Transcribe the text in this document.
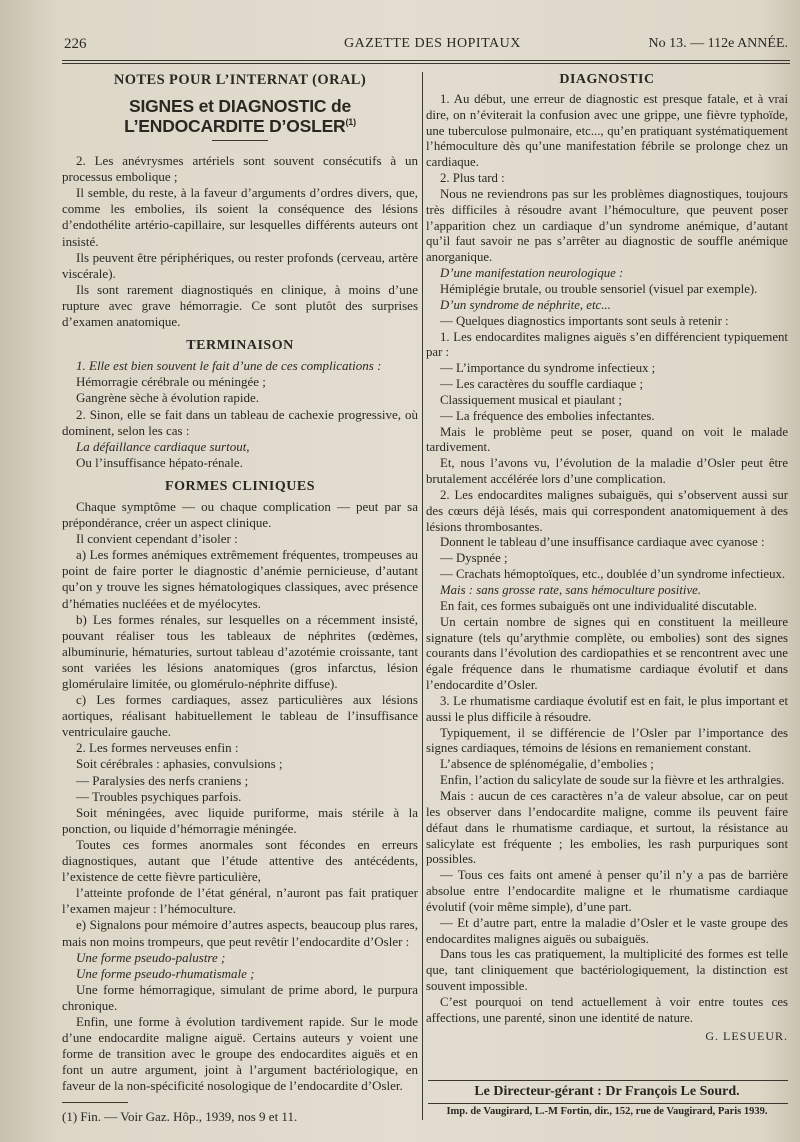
226	GAZETTE DES HOPITAUX	No 13. — 112e ANNÉE.
NOTES POUR L’INTERNAT (ORAL)
SIGNES et DIAGNOSTIC de L’ENDOCARDITE D’OSLER$^{(1)}$

2. Les anévrysmes artériels sont souvent consécutifs à un processus embolique ;

Il semble, du reste, à la faveur d’arguments d’ordres divers, que, comme les embolies, ils soient la conséquence des lésions d’endothélite artério-capillaire, sur lesquelles différents auteurs ont insisté.

Ils peuvent être périphériques, ou rester profonds (cerveau, artère viscérale).

Ils sont rarement diagnostiqués en clinique, à moins d’une rupture avec grave hémorragie. Ce sont plutôt des surprises d’examen anatomique.

TERMINAISON

1. Elle est bien souvent le fait d’une de ces complications :

Hémorragie cérébrale ou méningée ;

Gangrène sèche à évolution rapide.

2. Sinon, elle se fait dans un tableau de cachexie progressive, où dominent, selon les cas :

La défaillance cardiaque surtout,

Ou l’insuffisance hépato-rénale.

FORMES CLINIQUES

Chaque symptôme — ou chaque complication — peut par sa prépondérance, créer un aspect clinique.

Il convient cependant d’isoler :

a) Les formes anémiques extrêmement fréquentes, trompeuses au point de faire porter le diagnostic d’anémie pernicieuse, d’autant qu’on y trouve les signes hématologiques classiques, avec présence d’hématies nucléées et de myélocytes.

b) Les formes rénales, sur lesquelles on a récemment insisté, pouvant réaliser tous les tableaux de néphrites (œdèmes, albuminurie, hématuries, surtout tableau d’azotémie croissante, tant sont variées les lésions anatomiques (gros infarctus, lésion glomérulaire limitée, ou glomérulo-néphrite diffuse).

c) Les formes cardiaques, assez particulières aux lésions aortiques, réalisant habituellement le tableau de l’insuffisance ventriculaire gauche.

2. Les formes nerveuses enfin :

Soit cérébrales : aphasies, convulsions ;

— Paralysies des nerfs craniens ;

— Troubles psychiques parfois.

Soit méningées, avec liquide puriforme, mais stérile à la ponction, ou liquide d’hémorragie méningée.

Toutes ces formes anormales sont fécondes en erreurs diagnostiques, autant que l’étude attentive des antécédents, l’existence de cette fièvre particulière,

l’atteinte profonde de l’état général, n’auront pas fait pratiquer l’examen majeur : l’hémoculture.

e) Signalons pour mémoire d’autres aspects, beaucoup plus rares, mais non moins trompeurs, que peut revêtir l’endocardite d’Osler :

Une forme pseudo-palustre ;

Une forme pseudo-rhumatismale ;

Une forme hémorragique, simulant de prime abord, le purpura chronique.

Enfin, une forme à évolution tardivement rapide. Sur le mode d’une endocardite maligne aiguë. Certains auteurs y voient une forme de transition avec le groupe des endocardites aiguës et en font un autre argument, joint à l’argument bactériologique, en faveur de la non-spécificité nosologique de l’endocardite d’Osler.

(1) Fin. — Voir Gaz. Hôp., 1939, nos 9 et 11.

DIAGNOSTIC

1. Au début, une erreur de diagnostic est presque fatale, et à vrai dire, on n’éviterait la confusion avec une grippe, une fièvre typhoïde, une tuberculose pulmonaire, etc..., qu’en pratiquant systématiquement l’hémoculture dès qu’une manifestation fébrile se prolonge chez un cardiaque.

2. Plus tard :

Nous ne reviendrons pas sur les problèmes diagnostiques, toujours très difficiles à résoudre avant l’hémoculture, que peuvent poser l’apparition chez un cardiaque d’un syndrome anémique, d’autant qu’il faut savoir ne pas s’arrêter au diagnostic de souffle anémique anorganique.

D’une manifestation neurologique :

Hémiplégie brutale, ou trouble sensoriel (visuel par exemple).

D’un syndrome de néphrite, etc...

— Quelques diagnostics importants sont seuls à retenir :

1. Les endocardites malignes aiguës s’en différencient typiquement par :

— L’importance du syndrome infectieux ;

— Les caractères du souffle cardiaque ;

Classiquement musical et piaulant ;

— La fréquence des embolies infectantes.

Mais le problème peut se poser, quand on voit le malade tardivement.

Et, nous l’avons vu, l’évolution de la maladie d’Osler peut être brutalement accélérée lors d’une complication.

2. Les endocardites malignes subaiguës, qui s’observent aussi sur des cœurs déjà lésés, mais qui correspondent anatomiquement à des lésions thrombosantes.

Donnent le tableau d’une insuffisance cardiaque avec cyanose :

— Dyspnée ;

— Crachats hémoptoïques, etc., doublée d’un syndrome infectieux.

Mais : sans grosse rate, sans hémoculture positive.

En fait, ces formes subaiguës ont une individualité discutable.

Un certain nombre de signes qui en constituent la meilleure signature (tels qu’arythmie complète, ou embolies) sont des signes courants dans l’évolution des cardiopathies et se rencontrent avec une égale fréquence dans le rhumatisme cardiaque évolutif et dans l’endocardite d’Osler.

3. Le rhumatisme cardiaque évolutif est en fait, le plus important et aussi le plus difficile à résoudre.

Typiquement, il se différencie de l’Osler par l’importance des signes cardiaques, témoins de lésions en remaniement constant.

L’absence de splénomégalie, d’embolies ;

Enfin, l’action du salicylate de soude sur la fièvre et les arthralgies.

Mais : aucun de ces caractères n’a de valeur absolue, car on peut les observer dans l’endocardite maligne, comme ils peuvent faire défaut dans le rhumatisme cardiaque, et surtout, la résistance au salicylate est fréquente ; les embolies, les rash purpuriques sont possibles.

— Tous ces faits ont amené à penser qu’il n’y a pas de barrière absolue entre l’endocardite maligne et le rhumatisme cardiaque évolutif (voir même simple), d’une part.

— Et d’autre part, entre la maladie d’Osler et le vaste groupe des endocardites malignes aiguës ou subaiguës.

Dans tous les cas pratiquement, la multiplicité des formes est telle que, tant cliniquement que bactériologiquement, la distinction est souvent impossible.

C’est pourquoi on tend actuellement à voir entre toutes ces affections, une parenté, sinon une identité de nature.

G. LESUEUR.
Le Directeur-gérant : Dr François Le Sourd.
Imp. de Vaugirard, L.-M Fortin, dir., 152, rue de Vaugirard, Paris 1939.
